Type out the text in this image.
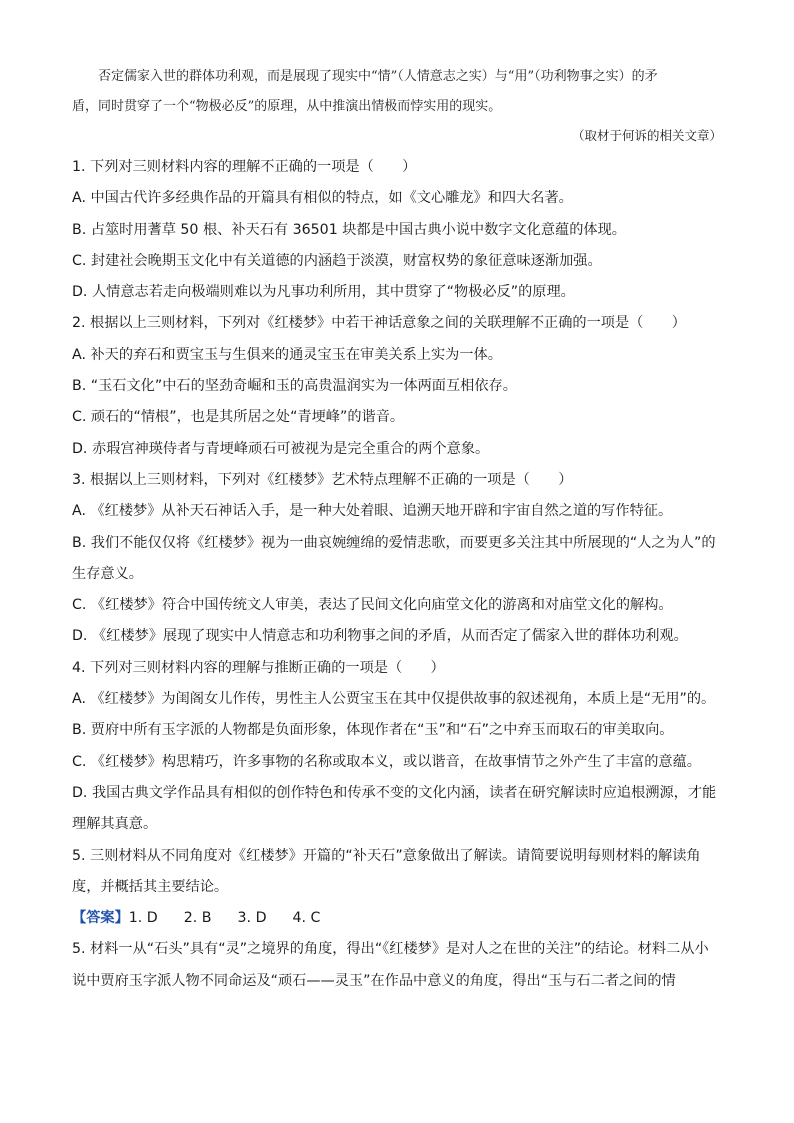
否定儒家入世的群体功利观，而是展现了现实中“情”（人情意志之实）与“用”（功利物事之实）的矛
盾，同时贯穿了一个“物极必反”的原理，从中推演出情极而悖实用的现实。
（取材于何诉的相关文章）
1. 下列对三则材料内容的理解不正确的一项是（　　）
A. 中国古代许多经典作品的开篇具有相似的特点，如《文心雕龙》和四大名著。
B. 占筮时用蓍草 50 根、补天石有 36501 块都是中国古典小说中数字文化意蕴的体现。
C. 封建社会晚期玉文化中有关道德的内涵趋于淡漠，财富权势的象征意味逐渐加强。
D. 人情意志若走向极端则难以为凡事功利所用，其中贯穿了“物极必反”的原理。
2. 根据以上三则材料，下列对《红楼梦》中若干神话意象之间的关联理解不正确的一项是（　　）
A. 补天的弃石和贾宝玉与生俱来的通灵宝玉在审美关系上实为一体。
B. “玉石文化”中石的坚劲奇崛和玉的高贵温润实为一体两面互相依存。
C. 顽石的“情根”，也是其所居之处“青埂峰”的谐音。
D. 赤瑕宫神瑛侍者与青埂峰顽石可被视为是完全重合的两个意象。
3. 根据以上三则材料，下列对《红楼梦》艺术特点理解不正确的一项是（　　）
A. 《红楼梦》从补天石神话入手，是一种大处着眼、追溯天地开辟和宇宙自然之道的写作特征。
B. 我们不能仅仅将《红楼梦》视为一曲哀婉缠绵的爱情悲歌，而要更多关注其中所展现的“人之为人”的生存意义。
C. 《红楼梦》符合中国传统文人审美，表达了民间文化向庙堂文化的游离和对庙堂文化的解构。
D. 《红楼梦》展现了现实中人情意志和功利物事之间的矛盾，从而否定了儒家入世的群体功利观。
4. 下列对三则材料内容的理解与推断正确的一项是（　　）
A. 《红楼梦》为闺阁女儿作传，男性主人公贾宝玉在其中仅提供故事的叙述视角，本质上是“无用”的。
B. 贾府中所有玉字派的人物都是负面形象，体现作者在“玉”和“石”之中弃玉而取石的审美取向。
C. 《红楼梦》构思精巧，许多事物的名称或取本义，或以谐音，在故事情节之外产生了丰富的意蕴。
D. 我国古典文学作品具有相似的创作特色和传承不变的文化内涵，读者在研究解读时应追根溯源，才能理解其真意。
5. 三则材料从不同角度对《红楼梦》开篇的“补天石”意象做出了解读。请简要说明每则材料的解读角度，并概括其主要结论。
【答案】1. D 2. B 3. D 4. C
5. 材料一从“石头”具有“灵”之境界的角度，得出“《红楼梦》是对人之在世的关注”的结论。材料二从小说中贾府玉字派人物不同命运及“顽石——灵玉”在作品中意义的角度，得出“玉与石二者之间的情
